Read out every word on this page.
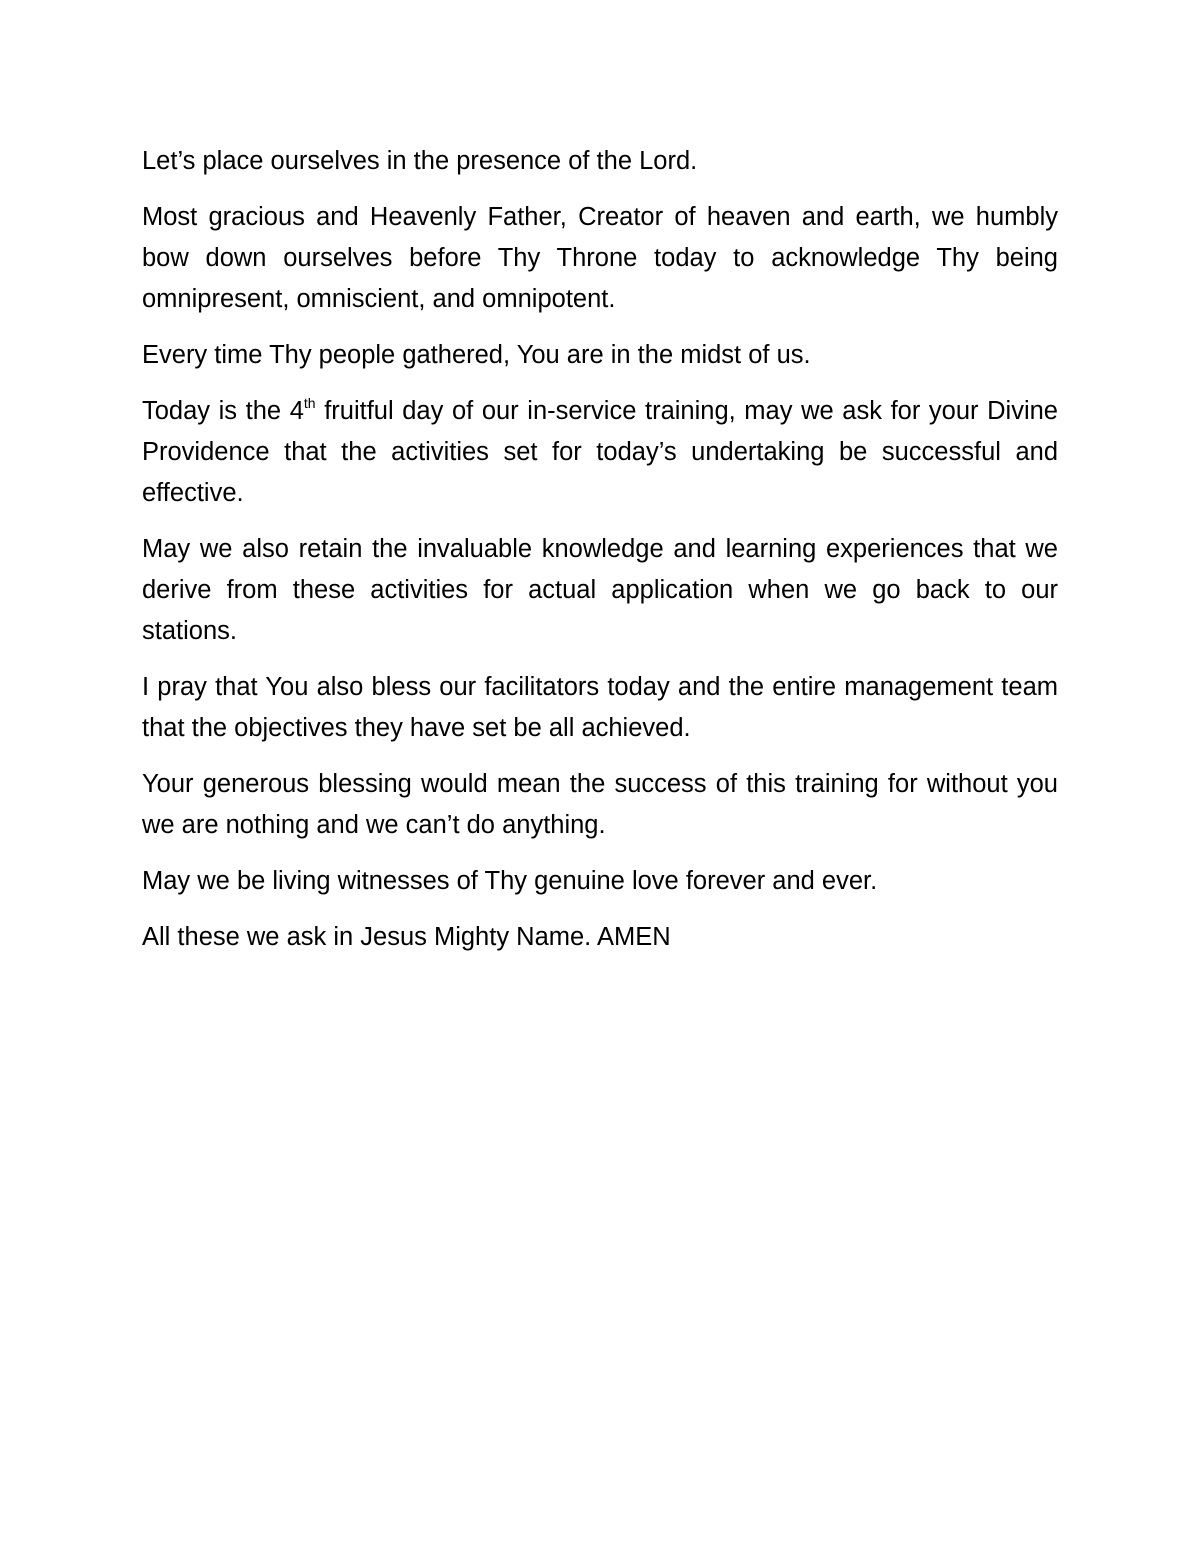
Let’s place ourselves in the presence of the Lord.

Most gracious and Heavenly Father, Creator of heaven and earth, we humbly bow down ourselves before Thy Throne today to acknowledge Thy being omnipresent, omniscient, and omnipotent.

Every time Thy people gathered, You are in the midst of us.

Today is the 4th fruitful day of our in-service training, may we ask for your Divine Providence that the activities set for today’s undertaking be successful and effective.

May we also retain the invaluable knowledge and learning experiences that we derive from these activities for actual application when we go back to our stations.

I pray that You also bless our facilitators today and the entire management team that the objectives they have set be all achieved.

Your generous blessing would mean the success of this training for without you we are nothing and we can’t do anything.

May we be living witnesses of Thy genuine love forever and ever.

All these we ask in Jesus Mighty Name. AMEN
